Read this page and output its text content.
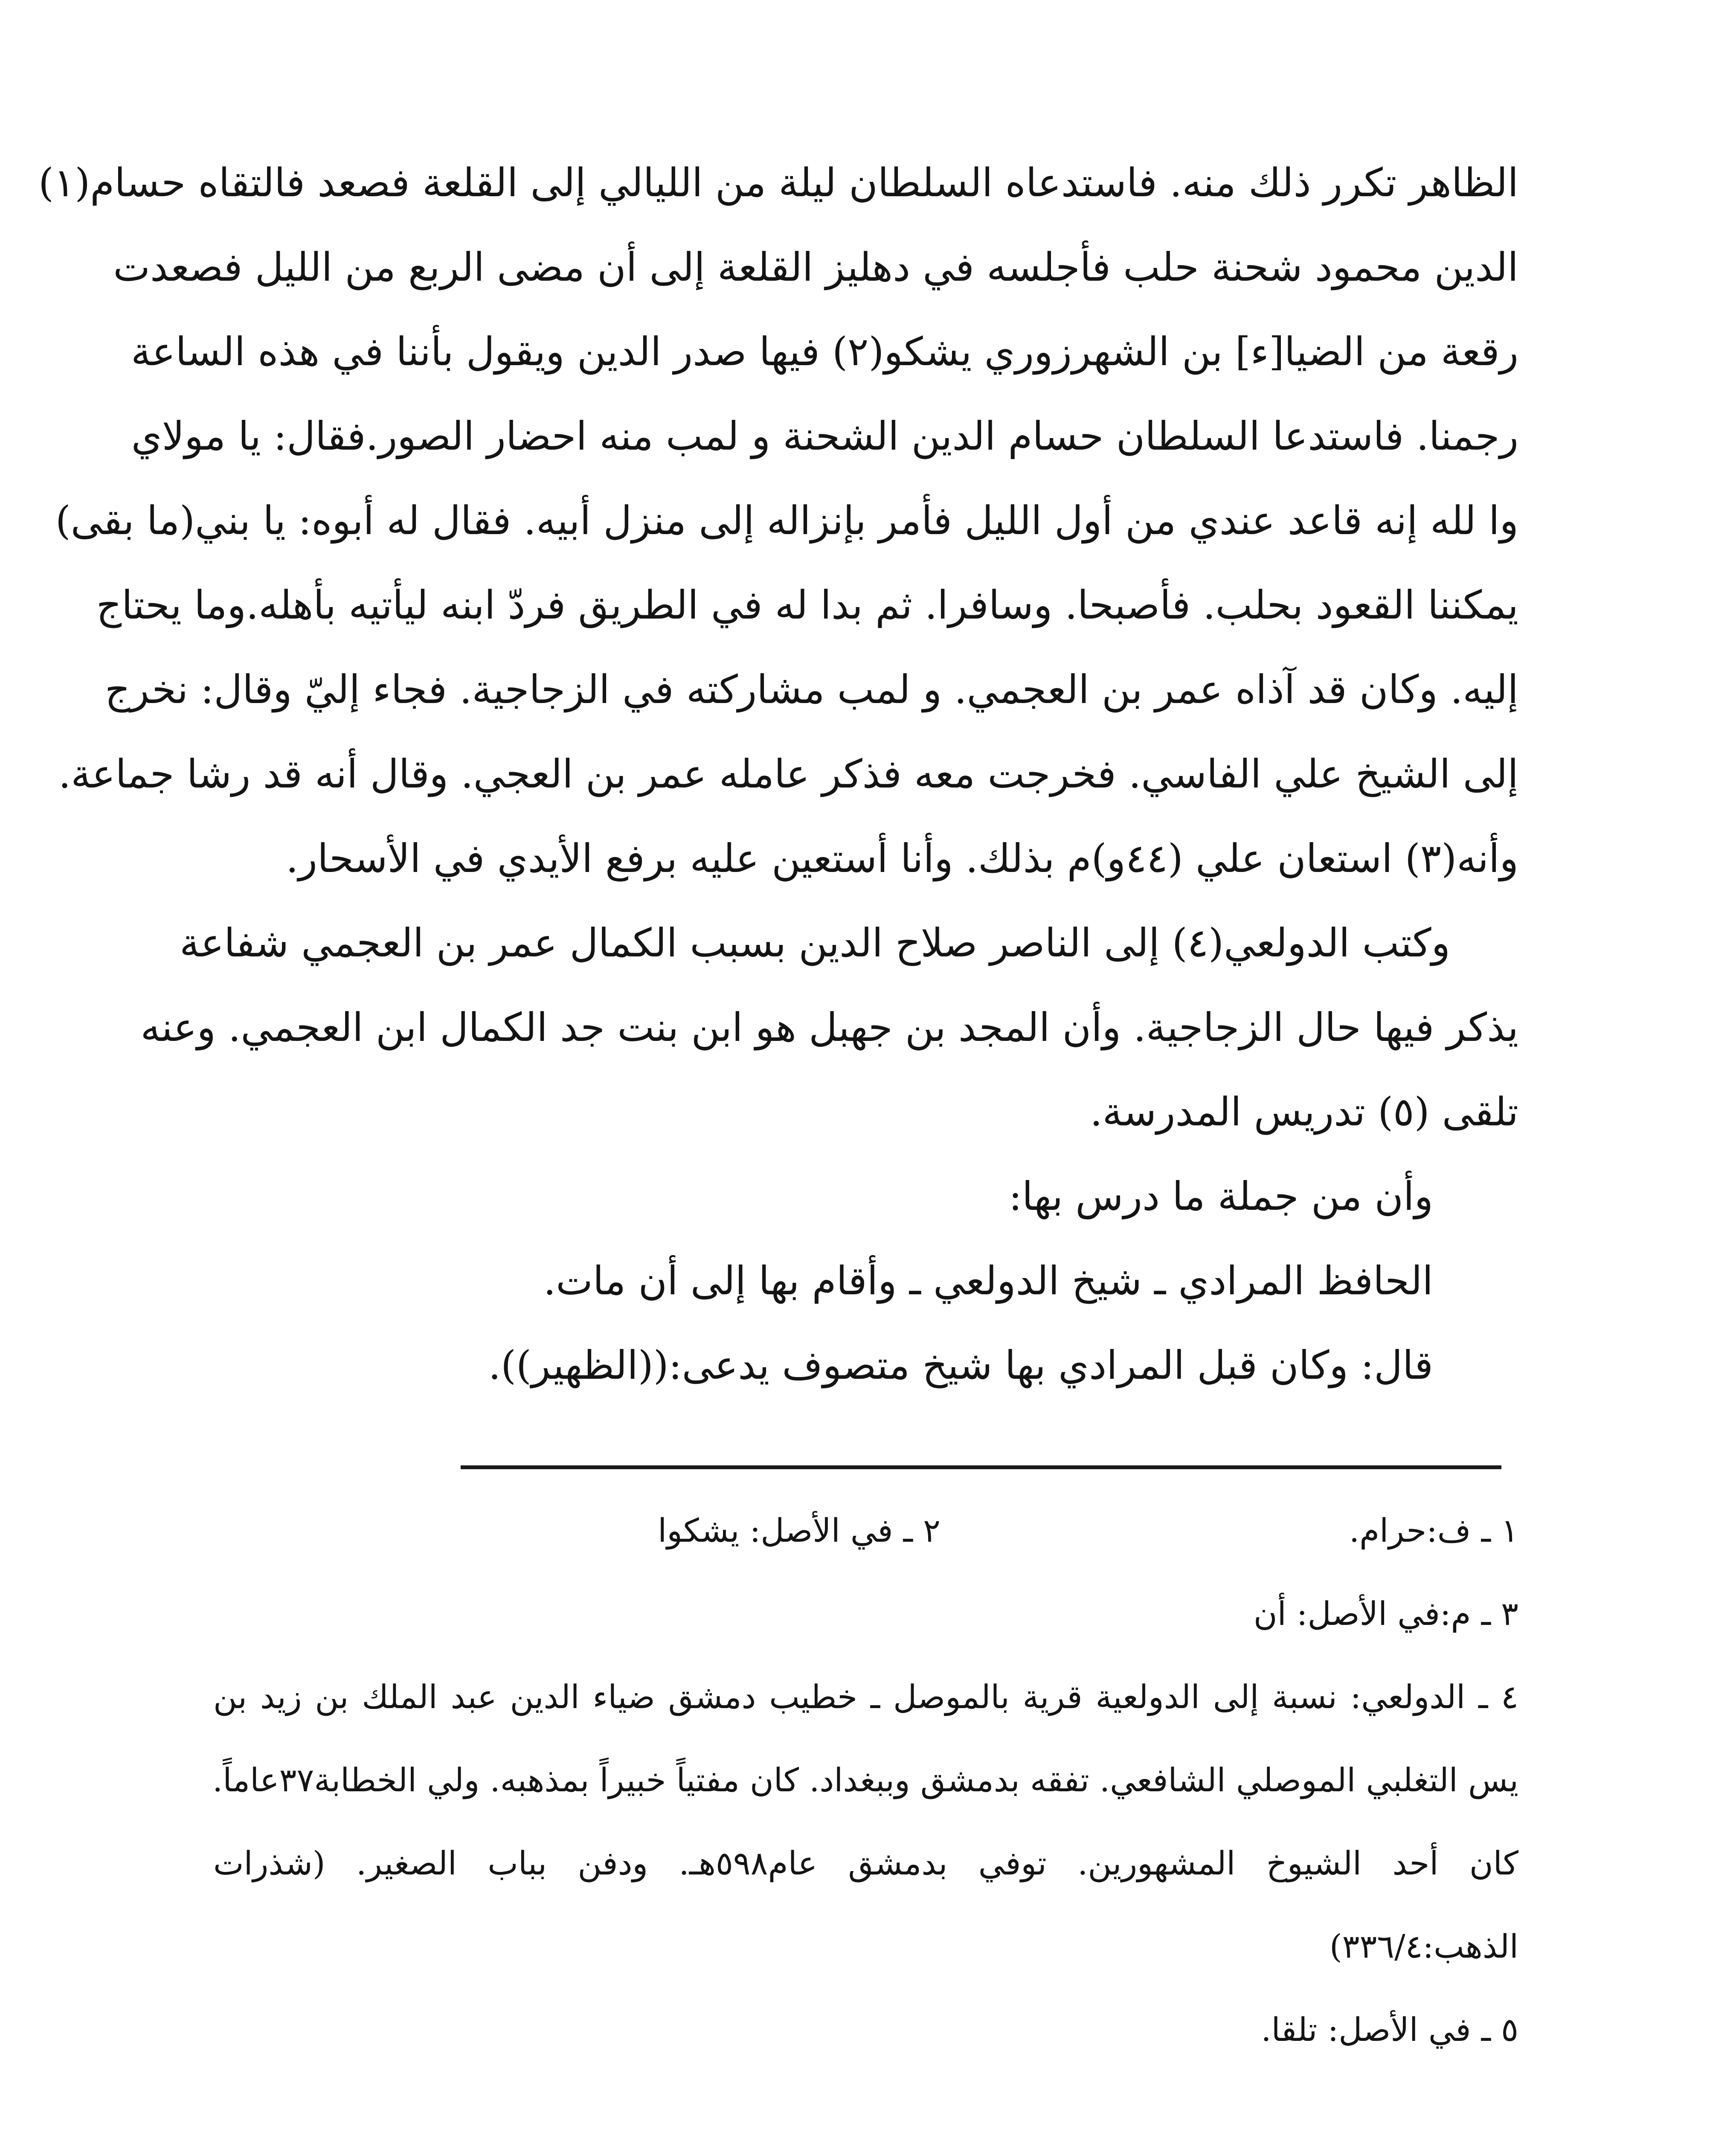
الظاهر تكرر ذلك منه. فاستدعاه السلطان ليلة من الليالي إلى القلعة فصعد فالتقاه حسام(١)
الدين محمود شحنة حلب فأجلسه في دهليز القلعة إلى أن مضى الربع من الليل فصعدت
رقعة من الضيا[ء] بن الشهرزوري يشكو(٢) فيها صدر الدين ويقول بأننا في هذه الساعة
رجمنا. فاستدعا السلطان حسام الدين الشحنة و لمب منه احضار الصور.فقال: يا مولاي
وا لله إنه قاعد عندي من أول الليل فأمر بإنزاله إلى منزل أبيه. فقال له أبوه: يا بني(ما بقى)
يمكننا القعود بحلب. فأصبحا. وسافرا. ثم بدا له في الطريق فردّ ابنه ليأتيه بأهله.وما يحتاج
إليه. وكان قد آذاه عمر بن العجمي. و لمب مشاركته في الزجاجية. فجاء إليّ وقال: نخرج
إلى الشيخ علي الفاسي. فخرجت معه فذكر عامله عمر بن العجي. وقال أنه قد رشا جماعة.
وأنه(٣) استعان علي (٤٤و)م بذلك. وأنا أستعين عليه برفع الأيدي في الأسحار.
وكتب الدولعي(٤) إلى الناصر صلاح الدين بسبب الكمال عمر بن العجمي شفاعة
يذكر فيها حال الزجاجية. وأن المجد بن جهبل هو ابن بنت جد الكمال ابن العجمي. وعنه
تلقى (٥) تدريس المدرسة.
وأن من جملة ما درس بها:
الحافظ المرادي ـ شيخ الدولعي ـ وأقام بها إلى أن مات.
قال: وكان قبل المرادي بها شيخ متصوف يدعى:((الظهير)).
١ ـ ف:حرام.
٢ ـ في الأصل: يشكوا
٣ ـ م:في الأصل: أن
٤ ـ الدولعي: نسبة إلى الدولعية قرية بالموصل ـ خطيب دمشق ضياء الدين عبد الملك بن زيد بن
يس التغلبي الموصلي الشافعي. تفقه بدمشق وببغداد. كان مفتياً خبيراً بمذهبه. ولي الخطابة٣٧عاماً.
كان أحد الشيوخ المشهورين. توفي بدمشق عام٥٩٨هـ. ودفن بباب الصغير. (شذرات
الذهب:٣٣٦/٤)
٥ ـ في الأصل: تلقا.
